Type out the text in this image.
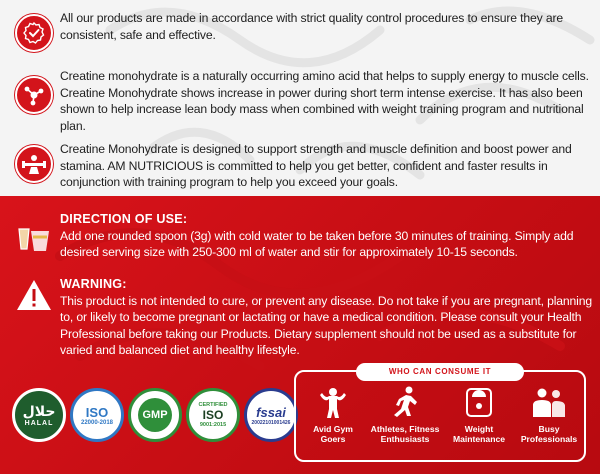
All our products are made in accordance with strict quality control procedures to ensure they are consistent, safe and effective.
Creatine monohydrate is a naturally occurring amino acid that helps to supply energy to muscle cells. Creatine Monohydrate shows increase in power during short term intense exercise. It has also been shown to help increase lean body mass when combined with weight training program and nutritional plan.
Creatine Monohydrate is designed to support strength and muscle definition and boost power and stamina. AM NUTRICIOUS is committed to help you get better, confident and faster results in conjunction with training program to help you exceed your goals.
DIRECTION OF USE:
Add one rounded spoon (3g) with cold water to be taken before 30 minutes of training. Simply add desired serving size with 250-300 ml of water and stir for approximately 10-15 seconds.
WARNING:
This product is not intended to cure, or prevent any disease. Do not take if you are pregnant, planning to, or likely to become pregnant or lactating or have a medical condition. Please consult your Health Professional before taking our Products. Dietary supplement should not be used as a substitute for varied and balanced diet and healthy lifestyle.
حلال
HALAL
ISO
22000-2018
GMP
CERTIFIED
ISO
9001:2015
fssai
20022101001426
WHO CAN CONSUME IT
Avid Gym
Goers
Athletes, Fitness
Enthusiasts
Weight
Maintenance
Busy
Professionals
